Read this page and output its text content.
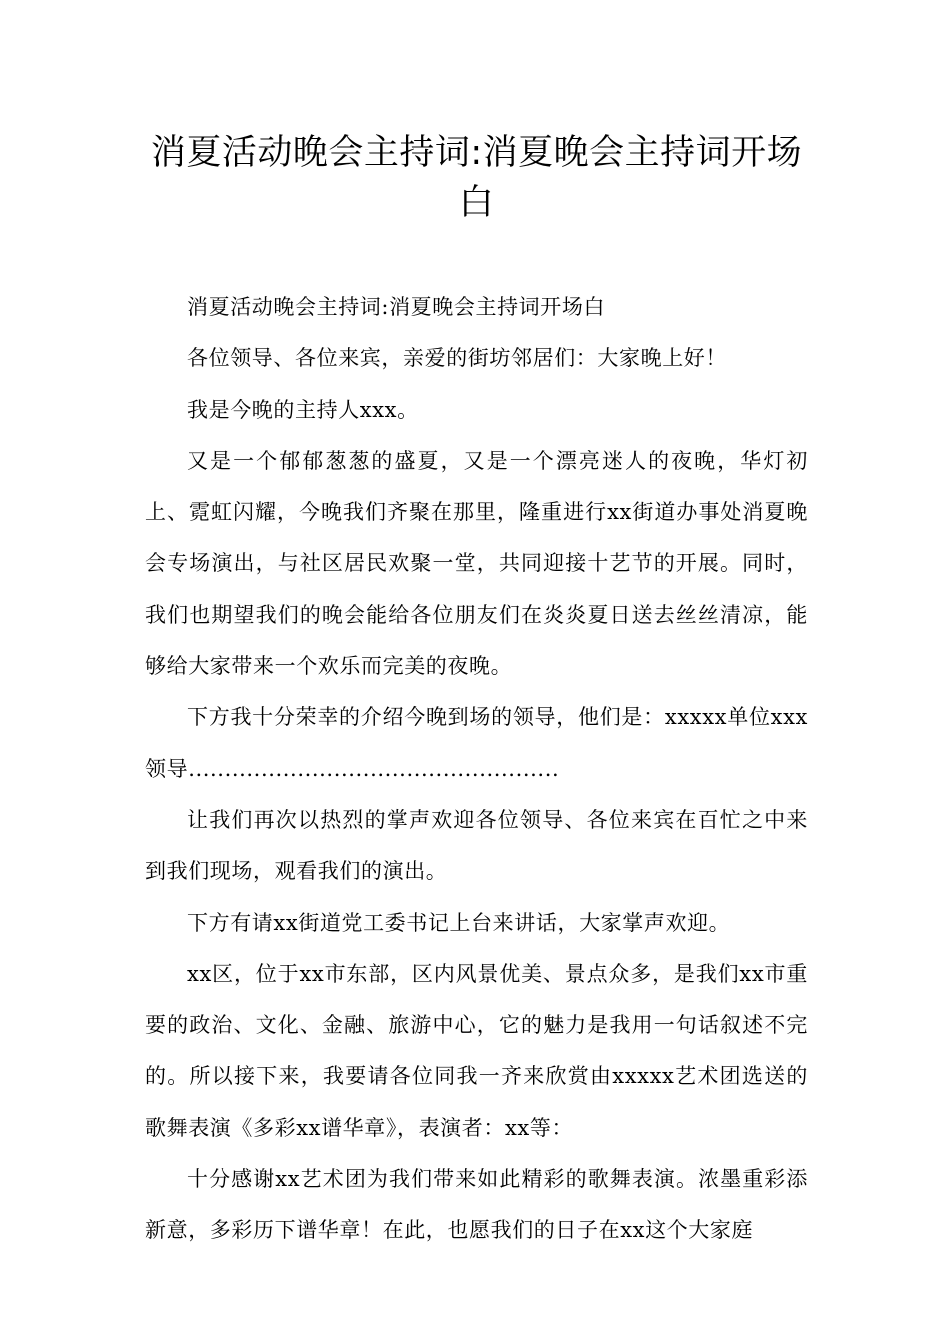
消夏活动晚会主持词:消夏晚会主持词开场白

消夏活动晚会主持词:消夏晚会主持词开场白

各位领导、各位来宾，亲爱的街坊邻居们：大家晚上好！

我是今晚的主持人xxx。

又是一个郁郁葱葱的盛夏，又是一个漂亮迷人的夜晚，华灯初上、霓虹闪耀，今晚我们齐聚在那里，隆重进行xx街道办事处消夏晚会专场演出，与社区居民欢聚一堂，共同迎接十艺节的开展。同时，我们也期望我们的晚会能给各位朋友们在炎炎夏日送去丝丝清凉，能够给大家带来一个欢乐而完美的夜晚。

下方我十分荣幸的介绍今晚到场的领导，他们是：xxxxx单位xxx领导...................................................

让我们再次以热烈的掌声欢迎各位领导、各位来宾在百忙之中来到我们现场，观看我们的演出。

下方有请xx街道党工委书记上台来讲话，大家掌声欢迎。

xx区，位于xx市东部，区内风景优美、景点众多，是我们xx市重要的政治、文化、金融、旅游中心，它的魅力是我用一句话叙述不完的。所以接下来，我要请各位同我一齐来欣赏由xxxxx艺术团选送的歌舞表演《多彩xx谱华章》，表演者：xx等：

十分感谢xx艺术团为我们带来如此精彩的歌舞表演。浓墨重彩添新意，多彩历下谱华章！在此，也愿我们的日子在xx这个大家庭
